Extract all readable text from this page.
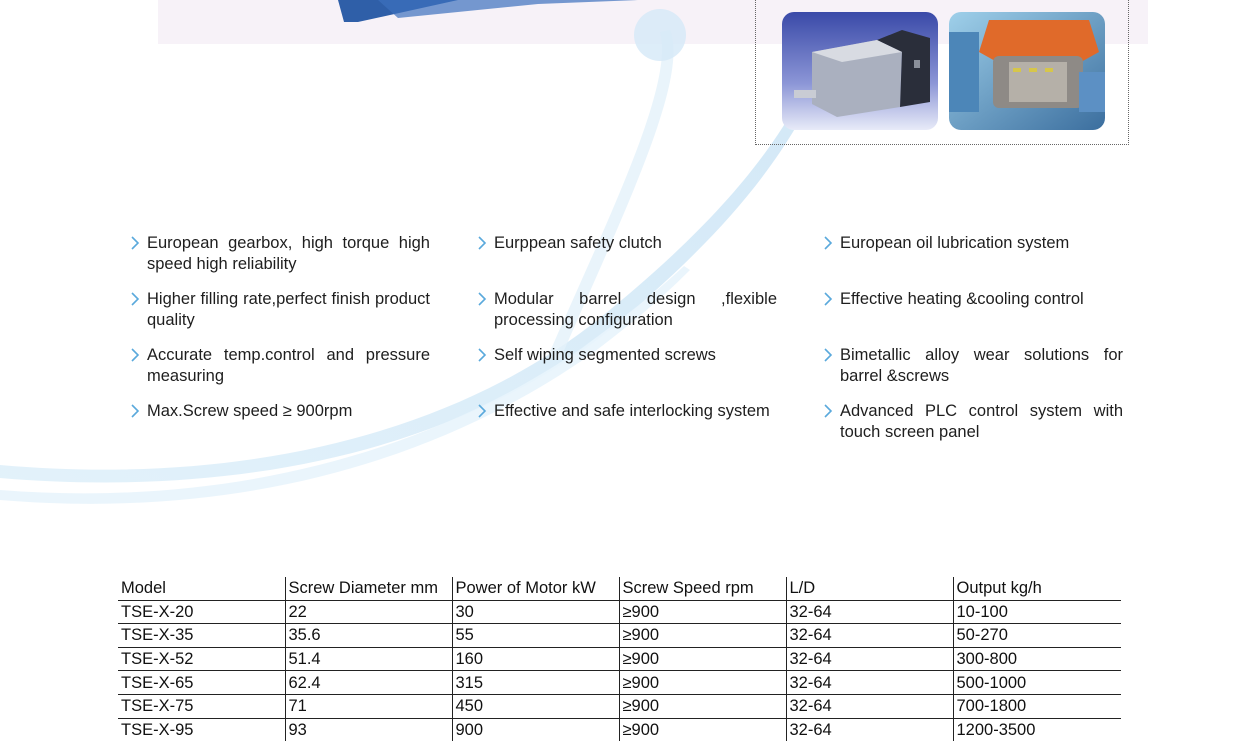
European gearbox, high torque high speed high reliability
Eurppean safety clutch	European oil lubrication system
Higher filling rate,perfect finish product quality
Modular barrel design ,flexible processing configuration
Effective heating &cooling control
Accurate temp.control and pressure measuring
Self wiping segmented screws	Bimetallic alloy wear solutions for barrel &screws
Max.Screw speed ≥ 900rpm	Effective and safe interlocking system	Advanced PLC control system with touch screen panel
Model	Screw Diameter mm	Power of Motor kW	Screw Speed rpm	L/D	Output kg/h
TSE-X-20	22	30	≥900	32-64	10-100
TSE-X-35	35.6	55	≥900	32-64	50-270
TSE-X-52	51.4	160	≥900	32-64	300-800
TSE-X-65	62.4	315	≥900	32-64	500-1000
TSE-X-75	71	450	≥900	32-64	700-1800
TSE-X-95	93	900	≥900	32-64	1200-3500
